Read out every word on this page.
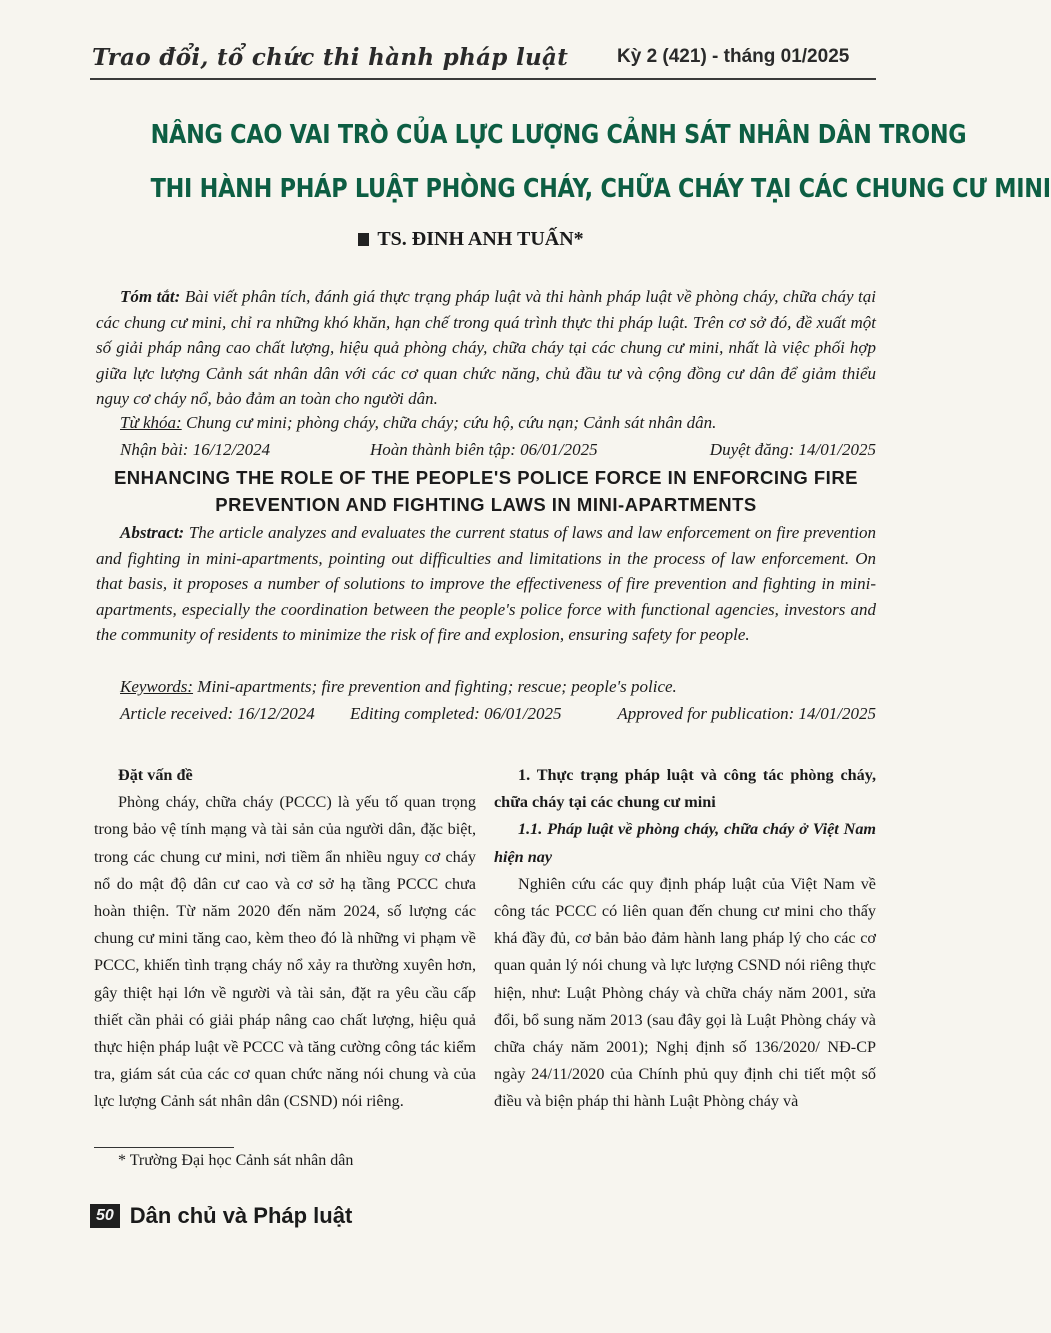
Trao đổi, tổ chức thi hành pháp luật	Kỳ 2 (421) - tháng 01/2025
NÂNG CAO VAI TRÒ CỦA LỰC LƯỢNG CẢNH SÁT NHÂN DÂN TRONG
THI HÀNH PHÁP LUẬT PHÒNG CHÁY, CHỮA CHÁY TẠI CÁC CHUNG CƯ MINI
TS. ĐINH ANH TUẤN*
Tóm tắt: Bài viết phân tích, đánh giá thực trạng pháp luật và thi hành pháp luật về phòng cháy, chữa cháy tại các chung cư mini, chỉ ra những khó khăn, hạn chế trong quá trình thực thi pháp luật. Trên cơ sở đó, đề xuất một số giải pháp nâng cao chất lượng, hiệu quả phòng cháy, chữa cháy tại các chung cư mini, nhất là việc phối hợp giữa lực lượng Cảnh sát nhân dân với các cơ quan chức năng, chủ đầu tư và cộng đồng cư dân để giảm thiểu nguy cơ cháy nổ, bảo đảm an toàn cho người dân.
Từ khóa: Chung cư mini; phòng cháy, chữa cháy; cứu hộ, cứu nạn; Cảnh sát nhân dân.
Nhận bài: 16/12/2024	Hoàn thành biên tập: 06/01/2025	Duyệt đăng: 14/01/2025
ENHANCING THE ROLE OF THE PEOPLE'S POLICE FORCE IN ENFORCING FIRE
PREVENTION AND FIGHTING LAWS IN MINI-APARTMENTS
Abstract: The article analyzes and evaluates the current status of laws and law enforcement on fire prevention and fighting in mini-apartments, pointing out difficulties and limitations in the process of law enforcement. On that basis, it proposes a number of solutions to improve the effectiveness of fire prevention and fighting in mini-apartments, especially the coordination between the people's police force with functional agencies, investors and the community of residents to minimize the risk of fire and explosion, ensuring safety for people.
Keywords: Mini-apartments; fire prevention and fighting; rescue; people's police.
Article received: 16/12/2024 Editing completed: 06/01/2025	Approved for publication: 14/01/2025

Đặt vấn đề

Phòng cháy, chữa cháy (PCCC) là yếu tố quan trọng trong bảo vệ tính mạng và tài sản của người dân, đặc biệt, trong các chung cư mini, nơi tiềm ẩn nhiều nguy cơ cháy nổ do mật độ dân cư cao và cơ sở hạ tầng PCCC chưa hoàn thiện. Từ năm 2020 đến năm 2024, số lượng các chung cư mini tăng cao, kèm theo đó là những vi phạm về PCCC, khiến tình trạng cháy nổ xảy ra thường xuyên hơn, gây thiệt hại lớn về người và tài sản, đặt ra yêu cầu cấp thiết cần phải có giải pháp nâng cao chất lượng, hiệu quả thực hiện pháp luật về PCCC và tăng cường công tác kiểm tra, giám sát của các cơ quan chức năng nói chung và của lực lượng Cảnh sát nhân dân (CSND) nói riêng.

1. Thực trạng pháp luật và công tác phòng cháy, chữa cháy tại các chung cư mini

1.1. Pháp luật về phòng cháy, chữa cháy ở Việt Nam hiện nay

Nghiên cứu các quy định pháp luật của Việt Nam về công tác PCCC có liên quan đến chung cư mini cho thấy khá đầy đủ, cơ bản bảo đảm hành lang pháp lý cho các cơ quan quản lý nói chung và lực lượng CSND nói riêng thực hiện, như: Luật Phòng cháy và chữa cháy năm 2001, sửa đổi, bổ sung năm 2013 (sau đây gọi là Luật Phòng cháy và chữa cháy năm 2001); Nghị định số 136/2020/ NĐ-CP ngày 24/11/2020 của Chính phủ quy định chi tiết một số điều và biện pháp thi hành Luật Phòng cháy và

* Trường Đại học Cảnh sát nhân dân
50 Dân chủ và Pháp luật
